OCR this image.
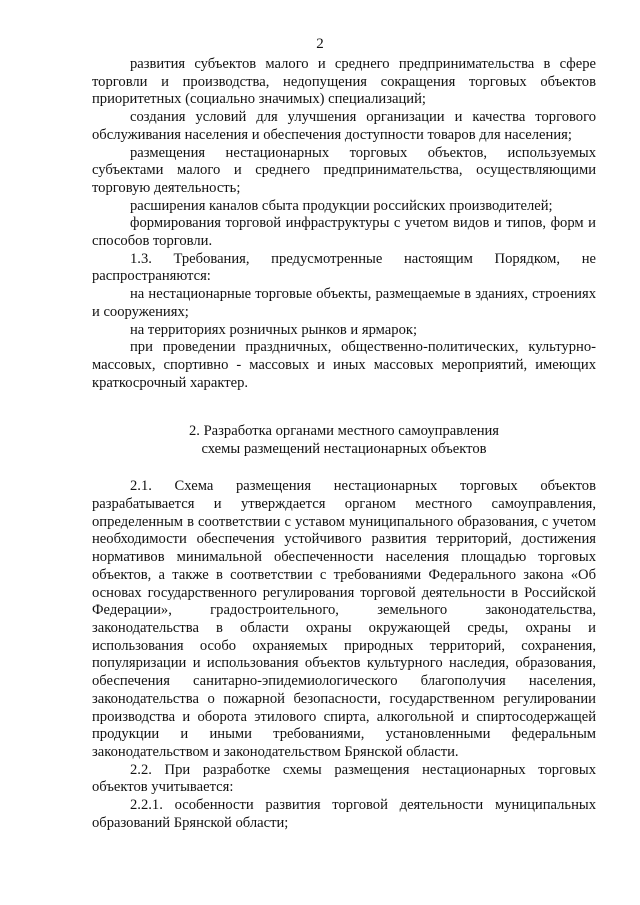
2

развития субъектов малого и среднего предпринимательства в сфере торговли и производства, недопущения сокращения торговых объектов приоритетных (социально значимых) специализаций;

создания условий для улучшения организации и качества торгового обслуживания населения и обеспечения доступности товаров для населения;

размещения нестационарных торговых объектов, используемых субъектами малого и среднего предпринимательства, осуществляющими торговую деятельность;

расширения каналов сбыта продукции российских производителей;

формирования торговой инфраструктуры с учетом видов и типов, форм и способов торговли.

1.3. Требования, предусмотренные настоящим Порядком, не распространяются:

на нестационарные торговые объекты, размещаемые в зданиях, строениях и сооружениях;

на территориях розничных рынков и ярмарок;

при проведении праздничных, общественно-политических, культурно-массовых, спортивно - массовых и иных массовых мероприятий, имеющих краткосрочный характер.

2. Разработка органами местного самоуправления
схемы размещений нестационарных объектов

2.1. Схема размещения нестационарных торговых объектов разрабатывается и утверждается органом местного самоуправления, определенным в соответствии с уставом муниципального образования, с учетом необходимости обеспечения устойчивого развития территорий, достижения нормативов минимальной обеспеченности населения площадью торговых объектов, а также в соответствии с требованиями Федерального закона «Об основах государственного регулирования торговой деятельности в Российской Федерации», градостроительного, земельного законодательства, законодательства в области охраны окружающей среды, охраны и использования особо охраняемых природных территорий, сохранения, популяризации и использования объектов культурного наследия, образования, обеспечения санитарно-эпидемиологического благополучия населения, законодательства о пожарной безопасности, государственном регулировании производства и оборота этилового спирта, алкогольной и спиртосодержащей продукции и иными требованиями, установленными федеральным законодательством и законодательством Брянской области.

2.2. При разработке схемы размещения нестационарных торговых объектов учитывается:

2.2.1. особенности развития торговой деятельности муниципальных образований Брянской области;
